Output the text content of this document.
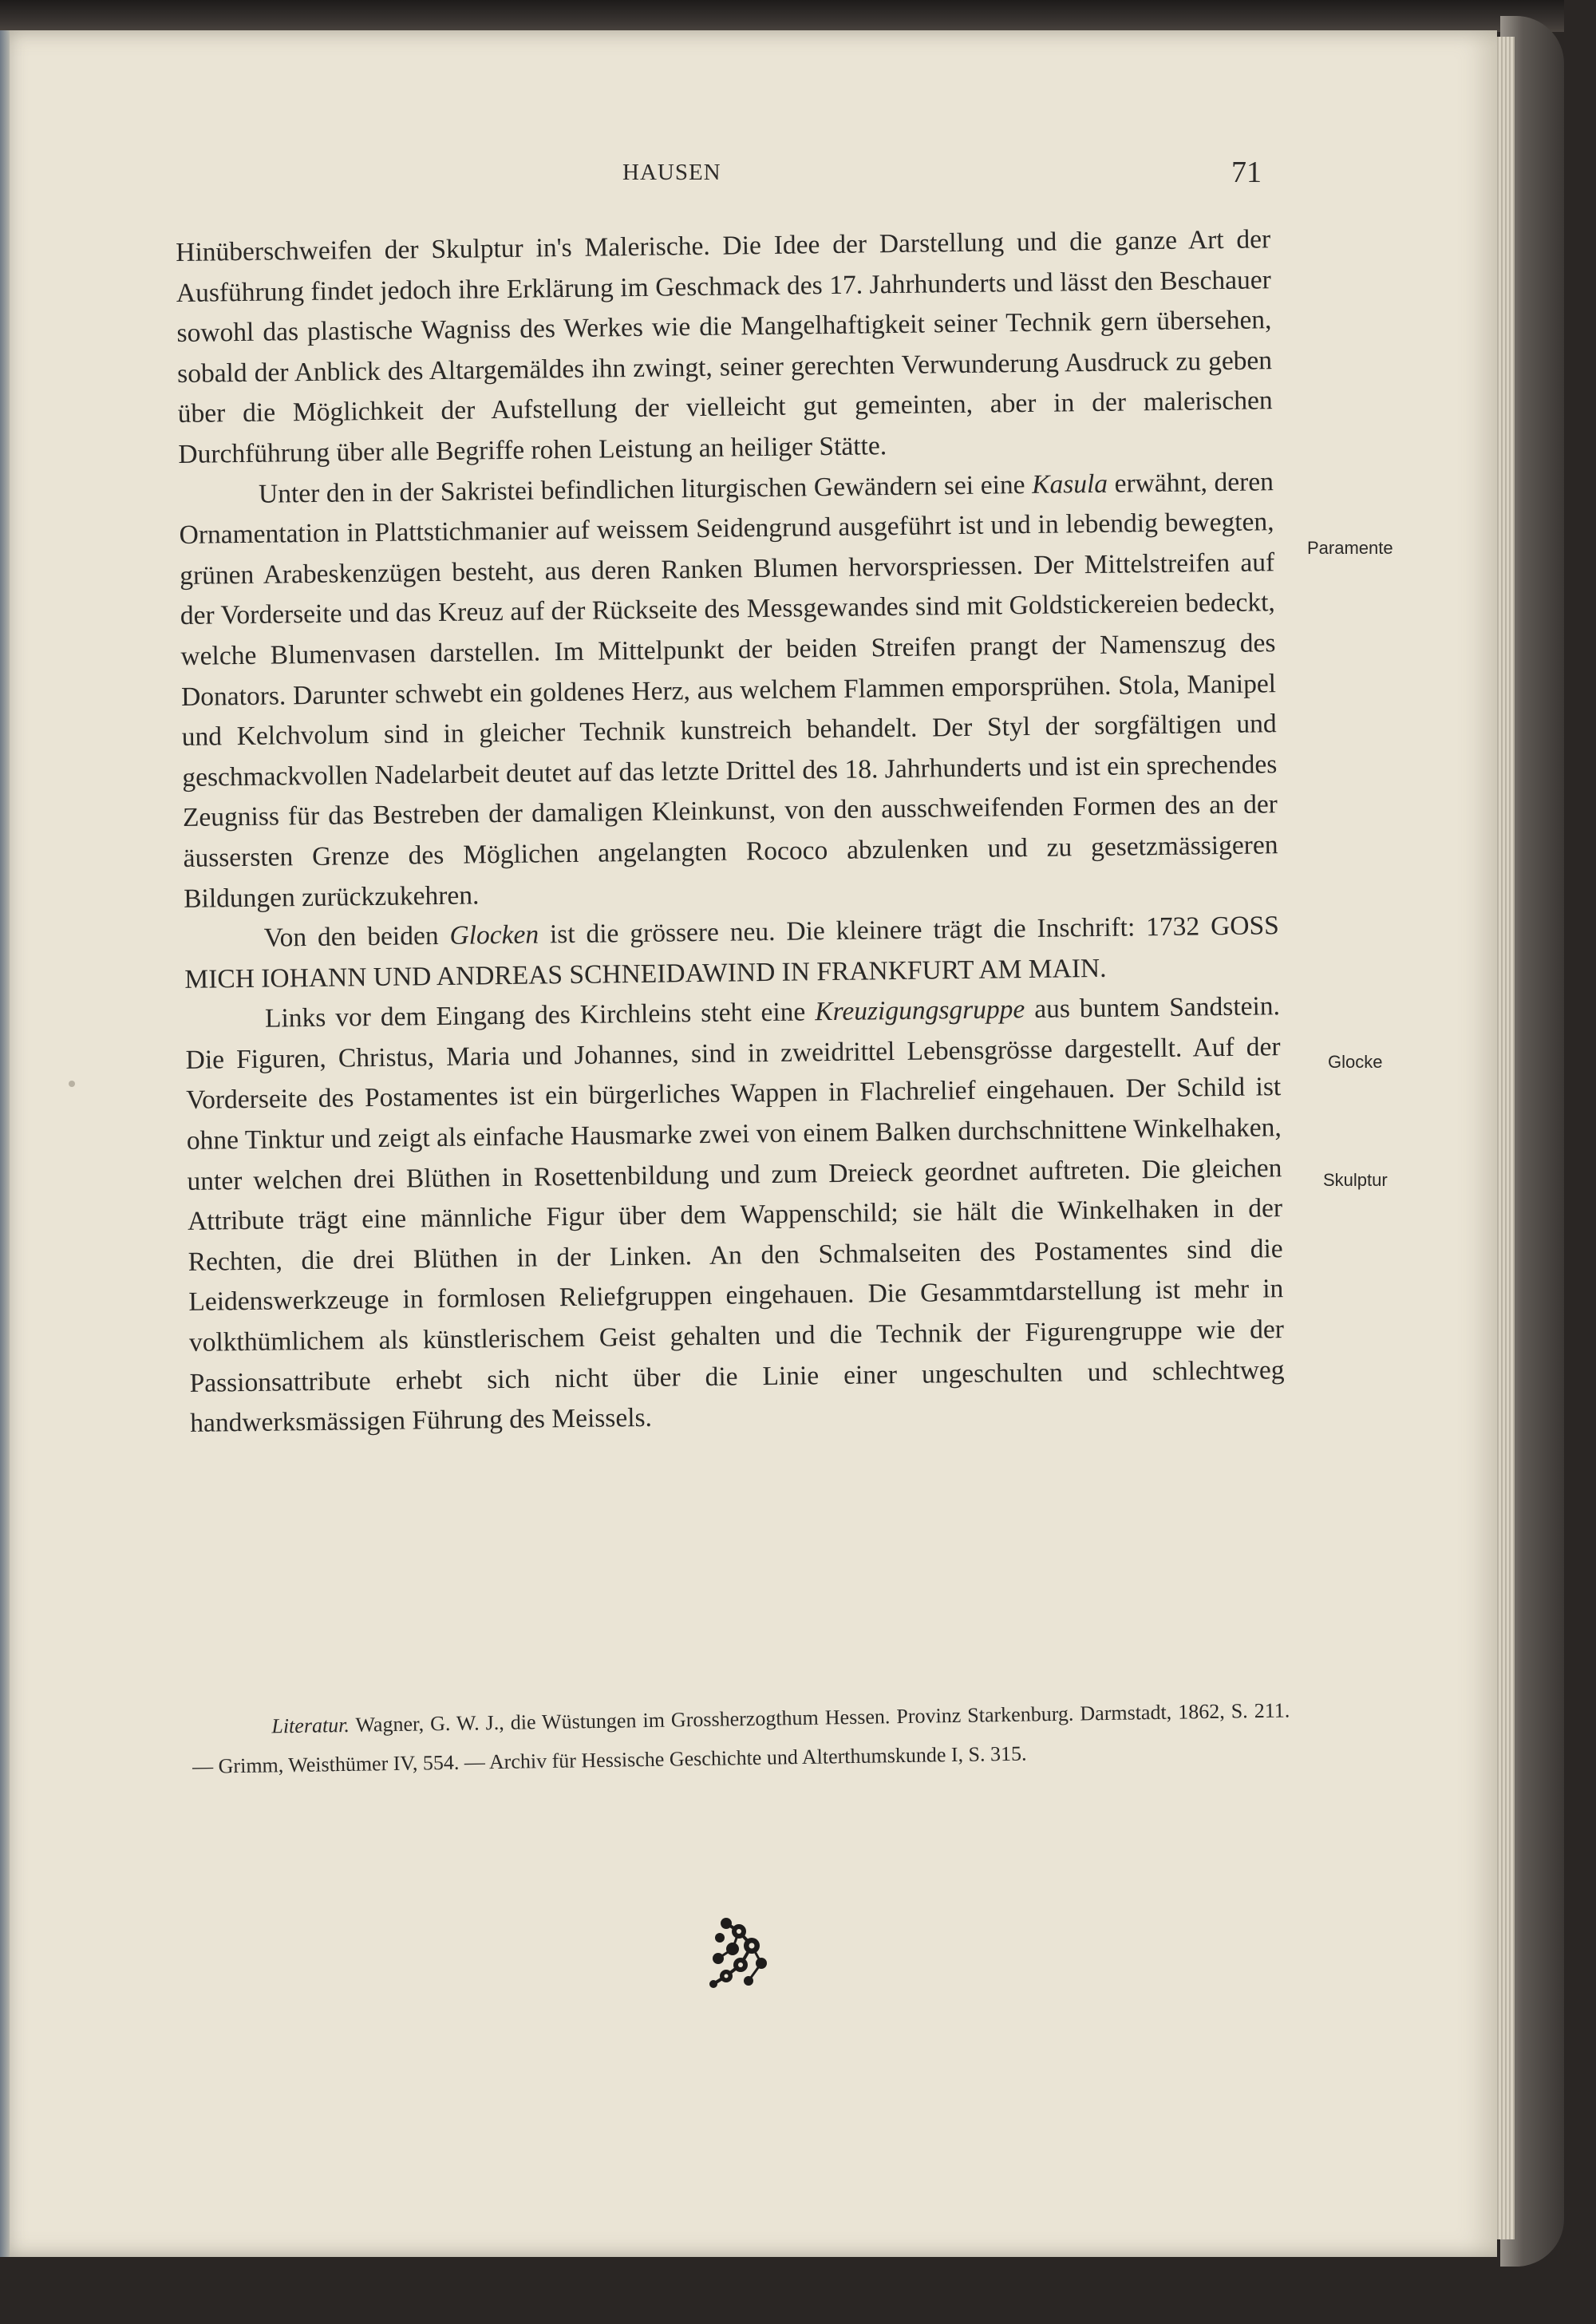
HAUSEN	71

Hinüberschweifen der Skulptur in's Malerische. Die Idee der Darstellung und die ganze Art der Ausführung findet jedoch ihre Erklärung im Geschmack des 17. Jahrhunderts und lässt den Beschauer sowohl das plastische Wagniss des Werkes wie die Mangelhaftigkeit seiner Technik gern übersehen, sobald der Anblick des Altargemäldes ihn zwingt, seiner gerechten Verwunderung Ausdruck zu geben über die Möglichkeit der Aufstellung der vielleicht gut gemeinten, aber in der malerischen Durchführung über alle Begriffe rohen Leistung an heiliger Stätte.

Unter den in der Sakristei befindlichen liturgischen Gewändern sei eine Kasula erwähnt, deren Ornamentation in Plattstichmanier auf weissem Seidengrund ausgeführt ist und in lebendig bewegten, grünen Arabeskenzügen besteht, aus deren Ranken Blumen hervorspriessen. Der Mittelstreifen auf der Vorderseite und das Kreuz auf der Rückseite des Messgewandes sind mit Goldstickereien bedeckt, welche Blumenvasen darstellen. Im Mittelpunkt der beiden Streifen prangt der Namenszug des Donators. Darunter schwebt ein goldenes Herz, aus welchem Flammen emporsprühen. Stola, Manipel und Kelchvolum sind in gleicher Technik kunstreich behandelt. Der Styl der sorgfältigen und geschmackvollen Nadelarbeit deutet auf das letzte Drittel des 18. Jahrhunderts und ist ein sprechendes Zeugniss für das Bestreben der damaligen Kleinkunst, von den ausschweifenden Formen des an der äussersten Grenze des Möglichen angelangten Rococo abzulenken und zu gesetzmässigeren Bildungen zurückzukehren.

Von den beiden Glocken ist die grössere neu. Die kleinere trägt die Inschrift: 1732 GOSS MICH IOHANN UND ANDREAS SCHNEIDAWIND IN FRANKFURT AM MAIN.

Links vor dem Eingang des Kirchleins steht eine Kreuzigungsgruppe aus buntem Sandstein. Die Figuren, Christus, Maria und Johannes, sind in zweidrittel Lebensgrösse dargestellt. Auf der Vorderseite des Postamentes ist ein bürgerliches Wappen in Flachrelief eingehauen. Der Schild ist ohne Tinktur und zeigt als einfache Hausmarke zwei von einem Balken durchschnittene Winkelhaken, unter welchen drei Blüthen in Rosettenbildung und zum Dreieck geordnet auftreten. Die gleichen Attribute trägt eine männliche Figur über dem Wappenschild; sie hält die Winkelhaken in der Rechten, die drei Blüthen in der Linken. An den Schmalseiten des Postamentes sind die Leidenswerkzeuge in formlosen Reliefgruppen eingehauen. Die Gesammtdarstellung ist mehr in volkthümlichem als künstlerischem Geist gehalten und die Technik der Figurengruppe wie der Passionsattribute erhebt sich nicht über die Linie einer ungeschulten und schlechtweg handwerksmässigen Führung des Meissels.

Paramente
Glocke
Skulptur
Literatur. Wagner, G. W. J., die Wüstungen im Grossherzogthum Hessen. Provinz Starkenburg. Darmstadt, 1862, S. 211. — Grimm, Weisthümer IV, 554. — Archiv für Hessische Geschichte und Alterthumskunde I, S. 315.
